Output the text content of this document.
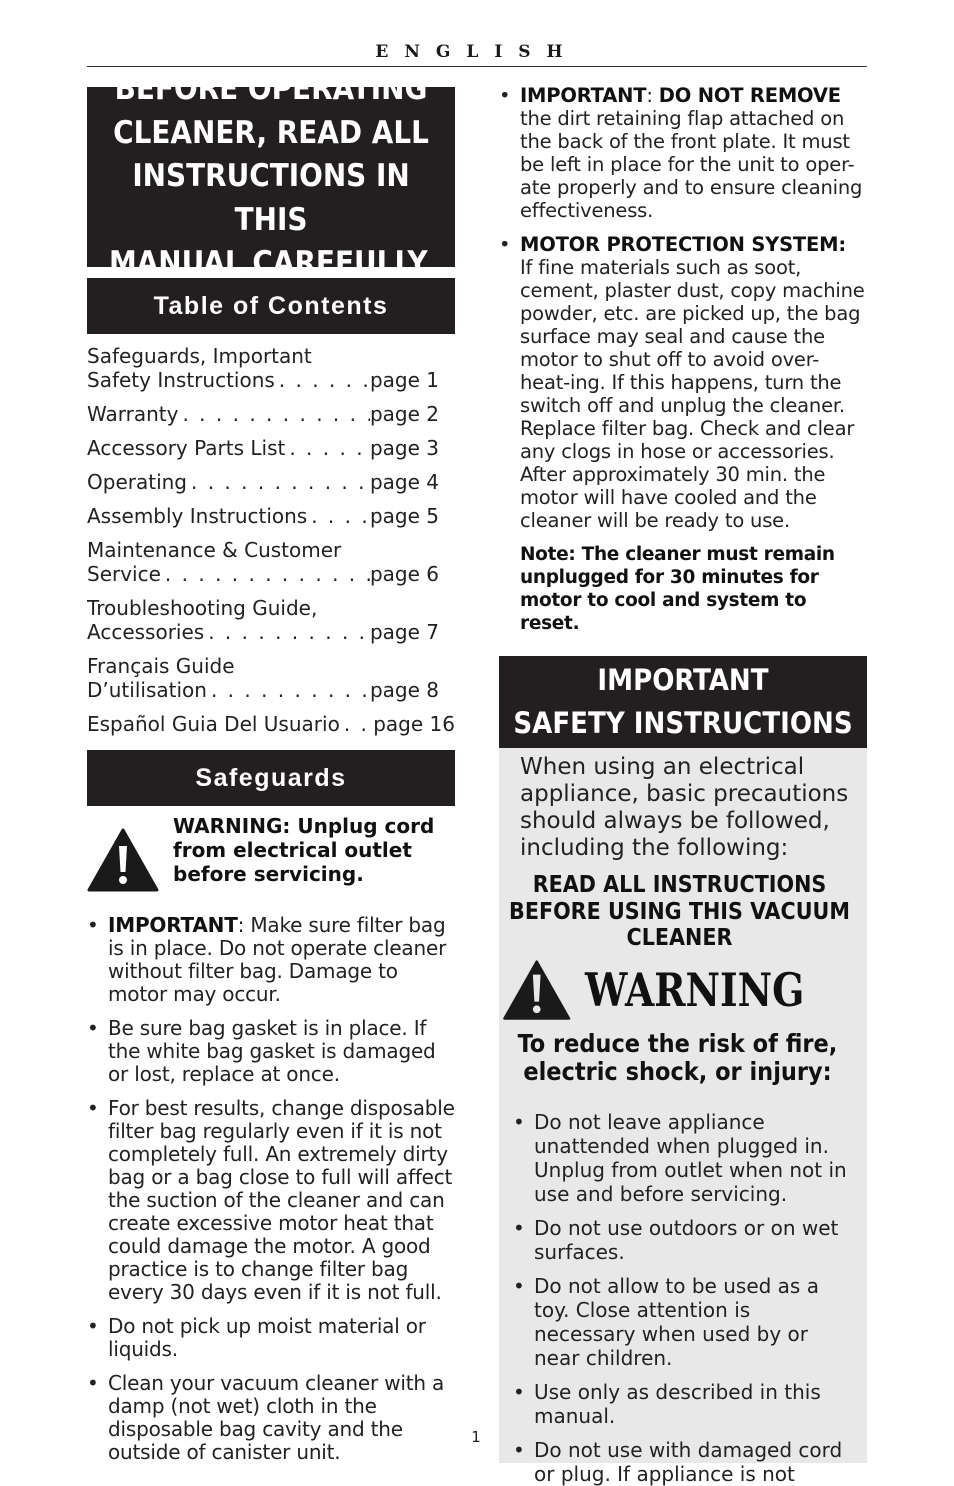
ENGLISH
BEFORE OPERATING
CLEANER, READ ALL
INSTRUCTIONS IN THIS
MANUAL CAREFULLY.
Table of Contents
Safeguards, Important
Safety Instructions . . .	page 1
Warranty . . .	page 2
Accessory Parts List . . .	page 3
Operating . . .	page 4
Assembly Instructions . . .	page 5
Maintenance & Customer
Service . . .	page 6
Troubleshooting Guide,
Accessories . . .	page 7
Français Guide
D’utilisation . . .	page 8
Español Guia Del Usuario . . . page 16
Safeguards
WARNING: Unplug cord
from electrical outlet
before servicing.
• IMPORTANT: Make sure filter bag is in place. Do not operate cleaner without filter bag. Damage to motor may occur.
• Be sure bag gasket is in place. If the white bag gasket is damaged or lost, replace at once.
• For best results, change disposable filter bag regularly even if it is not completely full. An extremely dirty bag or a bag close to full will affect the suction of the cleaner and can create excessive motor heat that could damage the motor. A good practice is to change filter bag every 30 days even if it is not full.
• Do not pick up moist material or liquids.
• Clean your vacuum cleaner with a damp (not wet) cloth in the disposable bag cavity and the outside of canister unit.
• IMPORTANT: DO NOT REMOVE
the dirt retaining flap attached on the back of the front plate. It must be left in place for the unit to oper-ate properly and to ensure cleaning effectiveness.
• MOTOR PROTECTION SYSTEM:
If fine materials such as soot, cement, plaster dust, copy machine powder, etc. are picked up, the bag surface may seal and cause the motor to shut off to avoid over-heat-ing. If this happens, turn the switch off and unplug the cleaner. Replace filter bag. Check and clear any clogs in hose or accessories. After approximately 30 min. the motor will have cooled and the cleaner will be ready to use.
Note: The cleaner must remain unplugged for 30 minutes for motor to cool and system to reset.
IMPORTANT
SAFETY INSTRUCTIONS

When using an electrical appliance, basic precautions should always be followed, including the following:

READ ALL INSTRUCTIONS
BEFORE USING THIS VACUUM
CLEANER
WARNING
To reduce the risk of fire,
electric shock, or injury:
• Do not leave appliance unattended when plugged in. Unplug from outlet when not in use and before servicing.
• Do not use outdoors or on wet surfaces.
• Do not allow to be used as a toy. Close attention is necessary when used by or near children.
• Use only as described in this manual.
• Do not use with damaged cord or plug. If appliance is not
1
